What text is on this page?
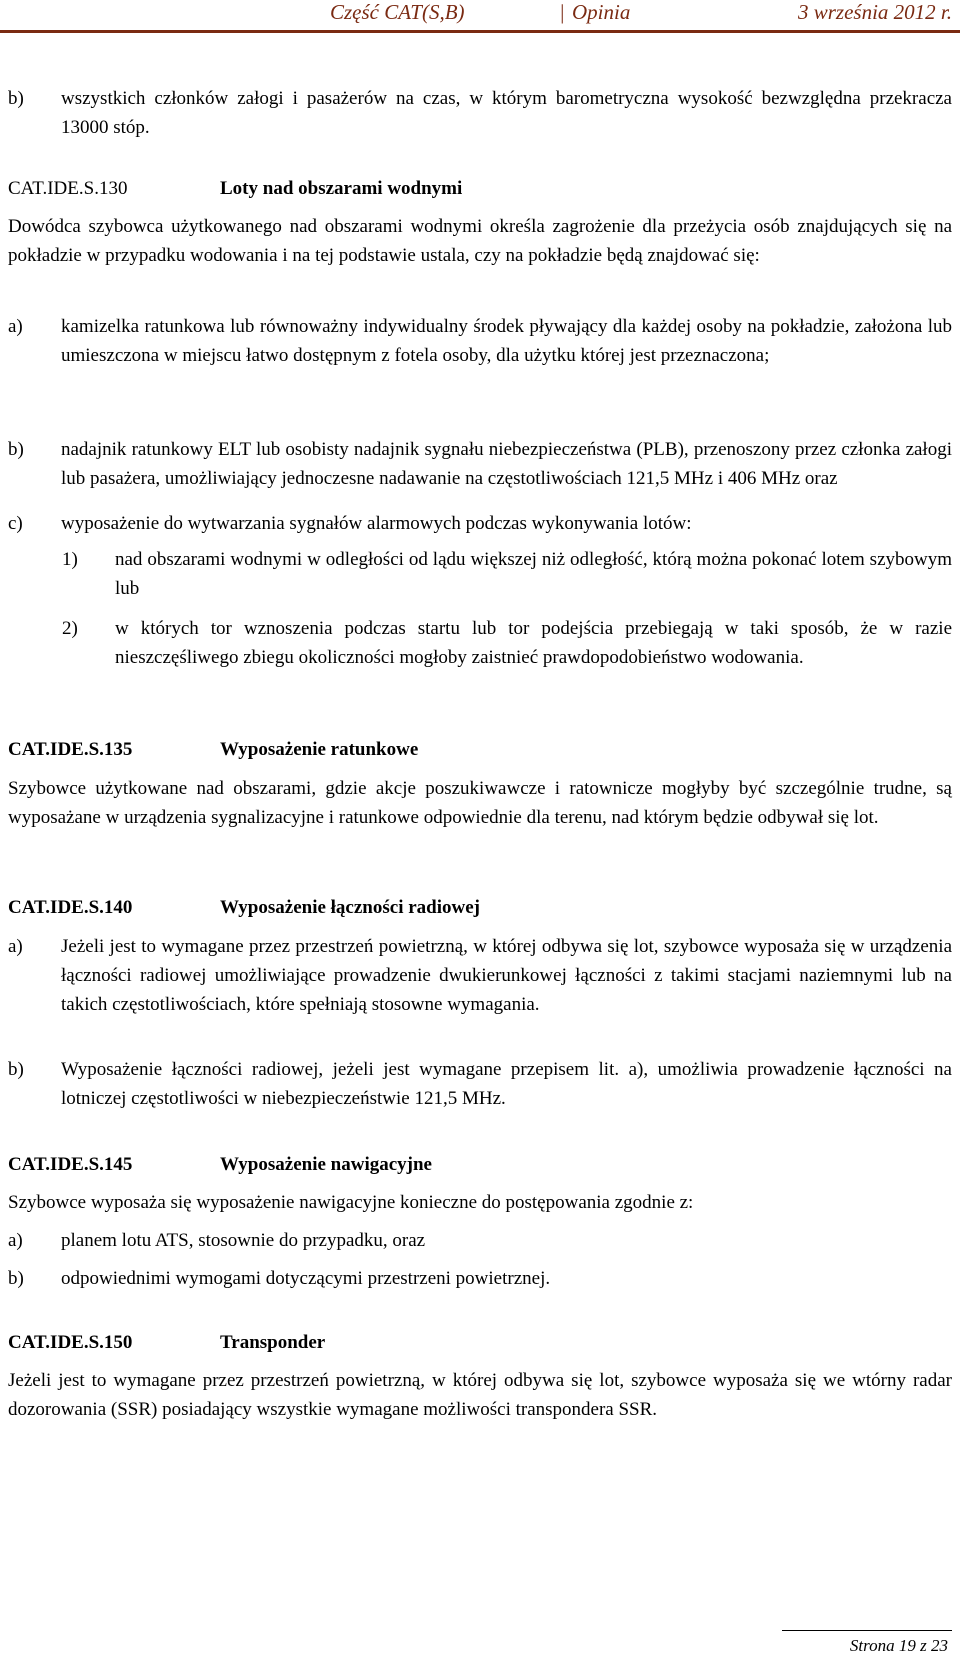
Część CAT(S,B)	| Opinia	3 września 2012 r.
b) wszystkich członków załogi i pasażerów na czas, w którym barometryczna wysokość bezwzględna przekracza 13000 stóp.
CAT.IDE.S.130	Loty nad obszarami wodnymi
Dowódca szybowca użytkowanego nad obszarami wodnymi określa zagrożenie dla przeżycia osób znajdujących się na pokładzie w przypadku wodowania i na tej podstawie ustala, czy na pokładzie będą znajdować się:
a) kamizelka ratunkowa lub równoważny indywidualny środek pływający dla każdej osoby na pokładzie, założona lub umieszczona w miejscu łatwo dostępnym z fotela osoby, dla użytku której jest przeznaczona;
b) nadajnik ratunkowy ELT lub osobisty nadajnik sygnału niebezpieczeństwa (PLB), przenoszony przez członka załogi lub pasażera, umożliwiający jednoczesne nadawanie na częstotliwościach 121,5 MHz i 406 MHz oraz
c) wyposażenie do wytwarzania sygnałów alarmowych podczas wykonywania lotów:
1) nad obszarami wodnymi w odległości od lądu większej niż odległość, którą można pokonać lotem szybowym lub
2) w których tor wznoszenia podczas startu lub tor podejścia przebiegają w taki sposób, że w razie nieszczęśliwego zbiegu okoliczności mogłoby zaistnieć prawdopodobieństwo wodowania.
CAT.IDE.S.135	Wyposażenie ratunkowe
Szybowce użytkowane nad obszarami, gdzie akcje poszukiwawcze i ratownicze mogłyby być szczególnie trudne, są wyposażane w urządzenia sygnalizacyjne i ratunkowe odpowiednie dla terenu, nad którym będzie odbywał się lot.
CAT.IDE.S.140	Wyposażenie łączności radiowej
a) Jeżeli jest to wymagane przez przestrzeń powietrzną, w której odbywa się lot, szybowce wyposaża się w urządzenia łączności radiowej umożliwiające prowadzenie dwukierunkowej łączności z takimi stacjami naziemnymi lub na takich częstotliwościach, które spełniają stosowne wymagania.
b) Wyposażenie łączności radiowej, jeżeli jest wymagane przepisem lit. a), umożliwia prowadzenie łączności na lotniczej częstotliwości w niebezpieczeństwie 121,5 MHz.
CAT.IDE.S.145	Wyposażenie nawigacyjne
Szybowce wyposaża się wyposażenie nawigacyjne konieczne do postępowania zgodnie z:
a) planem lotu ATS, stosownie do przypadku, oraz
b) odpowiednimi wymogami dotyczącymi przestrzeni powietrznej.
CAT.IDE.S.150	Transponder
Jeżeli jest to wymagane przez przestrzeń powietrzną, w której odbywa się lot, szybowce wyposaża się we wtórny radar dozorowania (SSR) posiadający wszystkie wymagane możliwości transpondera SSR.
Strona 19 z 23
